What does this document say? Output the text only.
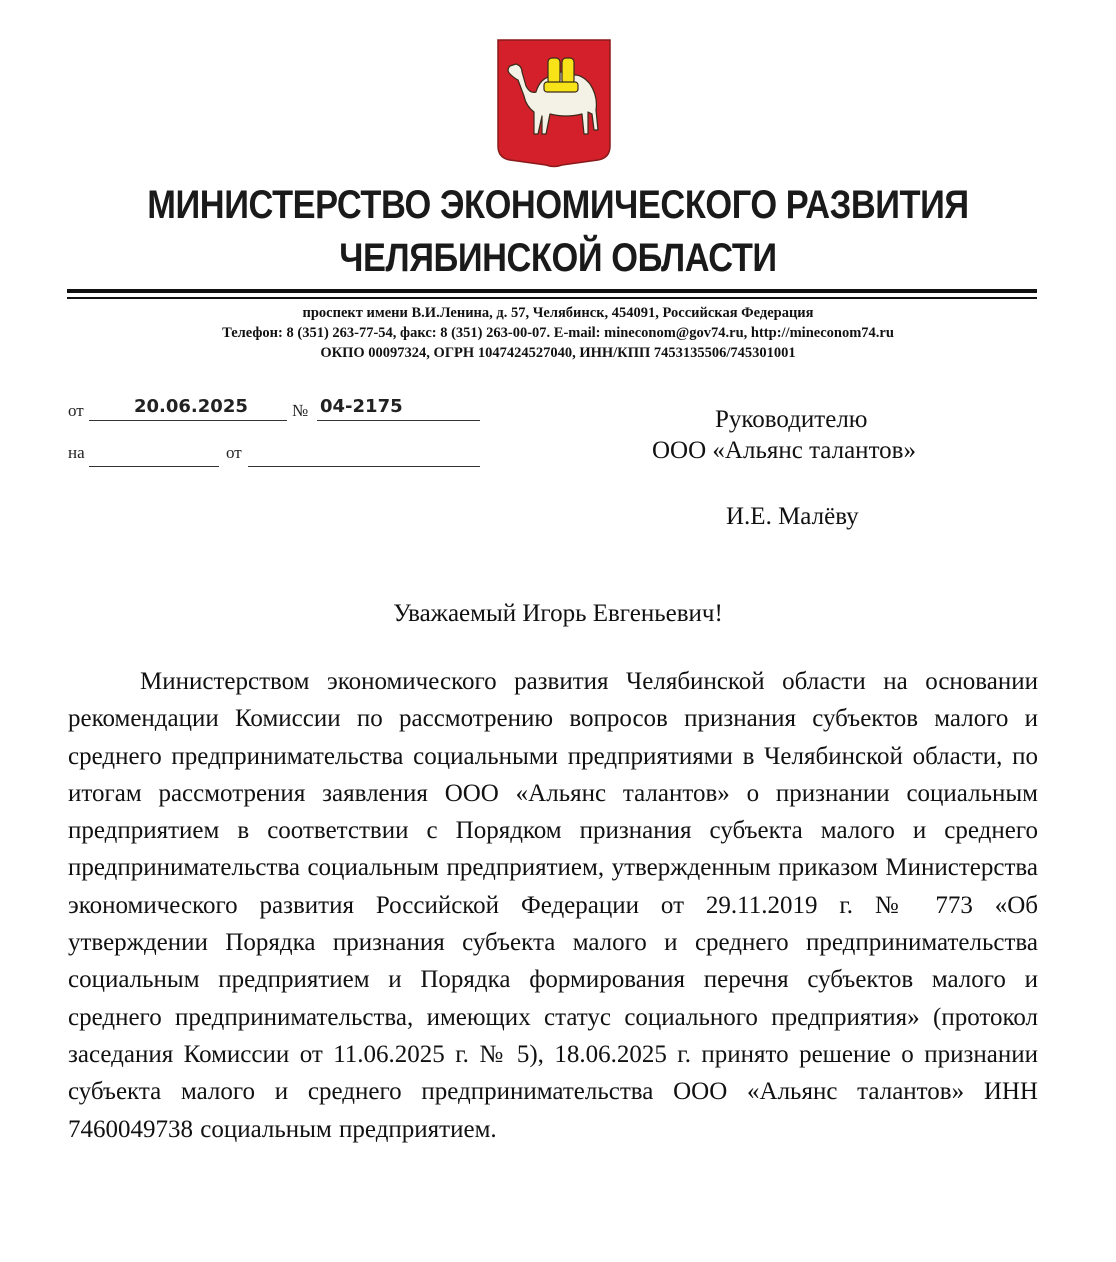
МИНИСТЕРСТВО ЭКОНОМИЧЕСКОГО РАЗВИТИЯ
ЧЕЛЯБИНСКОЙ ОБЛАСТИ
проспект имени В.И.Ленина, д. 57, Челябинск, 454091, Российская Федерация
Телефон: 8 (351) 263-77-54, факс: 8 (351) 263-00-07. E-mail: mineconom@gov74.ru, http://mineconom74.ru
ОКПО 00097324, ОГРН 1047424527040, ИНН/КПП 7453135506/745301001
от	20.06.2025	№ 04-2175
на	от
Руководителю
ООО «Альянс талантов»
И.Е. Малёву
Уважаемый Игорь Евгеньевич!

Министерством экономического развития Челябинской области на основании рекомендации Комиссии по рассмотрению вопросов признания субъектов малого и среднего предпринимательства социальными предприятиями в Челябинской области, по итогам рассмотрения заявления ООО «Альянс талантов» о признании социальным предприятием в соответствии с Порядком признания субъекта малого и среднего предпринимательства социальным предприятием, утвержденным приказом Министерства экономического развития Российской Федерации от 29.11.2019 г. № 773 «Об утверждении Порядка признания субъекта малого и среднего предпринимательства социальным предприятием и Порядка формирования перечня субъектов малого и среднего предпринимательства, имеющих статус социального предприятия» (протокол заседания Комиссии от 11.06.2025 г. № 5), 18.06.2025 г. принято решение о признании субъекта малого и среднего предпринимательства ООО «Альянс талантов» ИНН 7460049738 социальным предприятием.
